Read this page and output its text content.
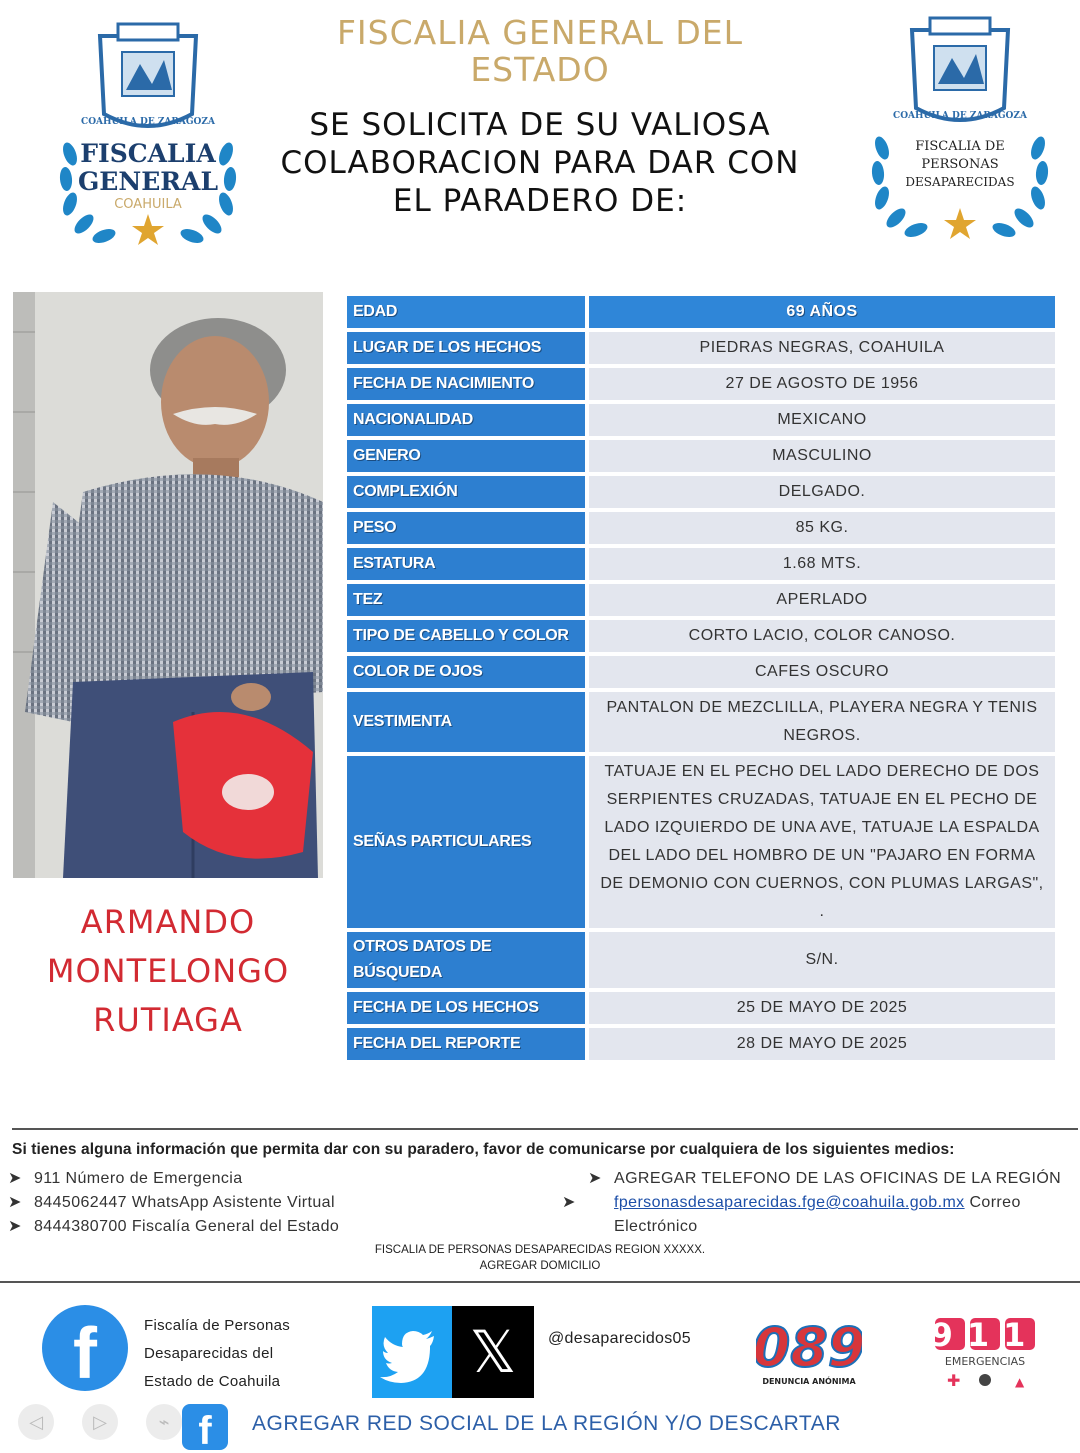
FISCALIA GENERAL DEL
ESTADO
SE SOLICITA DE SU VALIOSA
COLABORACION PARA DAR CON
EL PARADERO DE:
COAHUILA DE ZARAGOZA
FISCALIA
GENERAL
COAHUILA
COAHUILA DE ZARAGOZA
FISCALIA DE
PERSONAS
DESAPARECIDAS
ARMANDO
MONTELONGO
RUTIAGA
EDAD		69 AÑOS
LUGAR DE LOS HECHOS		PIEDRAS NEGRAS, COAHUILA
FECHA DE NACIMIENTO		27 DE AGOSTO DE 1956
NACIONALIDAD		MEXICANO
GENERO		MASCULINO
COMPLEXIÓN		DELGADO.
PESO		85 KG.
ESTATURA		1.68 MTS.
TEZ		APERLADO
TIPO DE CABELLO Y COLOR		CORTO LACIO, COLOR CANOSO.
COLOR DE OJOS		CAFES OSCURO
VESTIMENTA		PANTALON DE MEZCLILLA, PLAYERA NEGRA Y TENIS NEGROS.
SEÑAS PARTICULARES		TATUAJE EN EL PECHO DEL LADO DERECHO DE DOS SERPIENTES CRUZADAS, TATUAJE EN EL PECHO DE LADO IZQUIERDO DE UNA AVE, TATUAJE LA ESPALDA DEL LADO DEL HOMBRO DE UN "PAJARO EN FORMA DE DEMONIO CON CUERNOS, CON PLUMAS LARGAS", .
OTROS DATOS DE BÚSQUEDA		S/N.
FECHA DE LOS HECHOS		25 DE MAYO DE 2025
FECHA DEL REPORTE		28 DE MAYO DE 2025
Si tienes alguna información que permita dar con su paradero, favor de comunicarse por cualquiera de los siguientes medios:
➤ 911 Número de Emergencia
➤ 8445062447 WhatsApp Asistente Virtual
➤ 8444380700 Fiscalía General del Estado
➤ AGREGAR TELEFONO DE LAS OFICINAS DE LA REGIÓN
➤ fpersonasdesaparecidas.fge@coahuila.gob.mx Correo Electrónico
FISCALIA DE PERSONAS DESAPARECIDAS REGION XXXXX.
AGREGAR DOMICILIO
f	Fiscalía de Personas
Desaparecidas del
Estado de Coahuila	𝕏	@desaparecidos05 089
DENUNCIA ANÓNIMA
911
EMERGENCIAS
✚	▲
◁	▷	⌁ f	AGREGAR RED SOCIAL DE LA REGIÓN Y/O DESCARTAR
